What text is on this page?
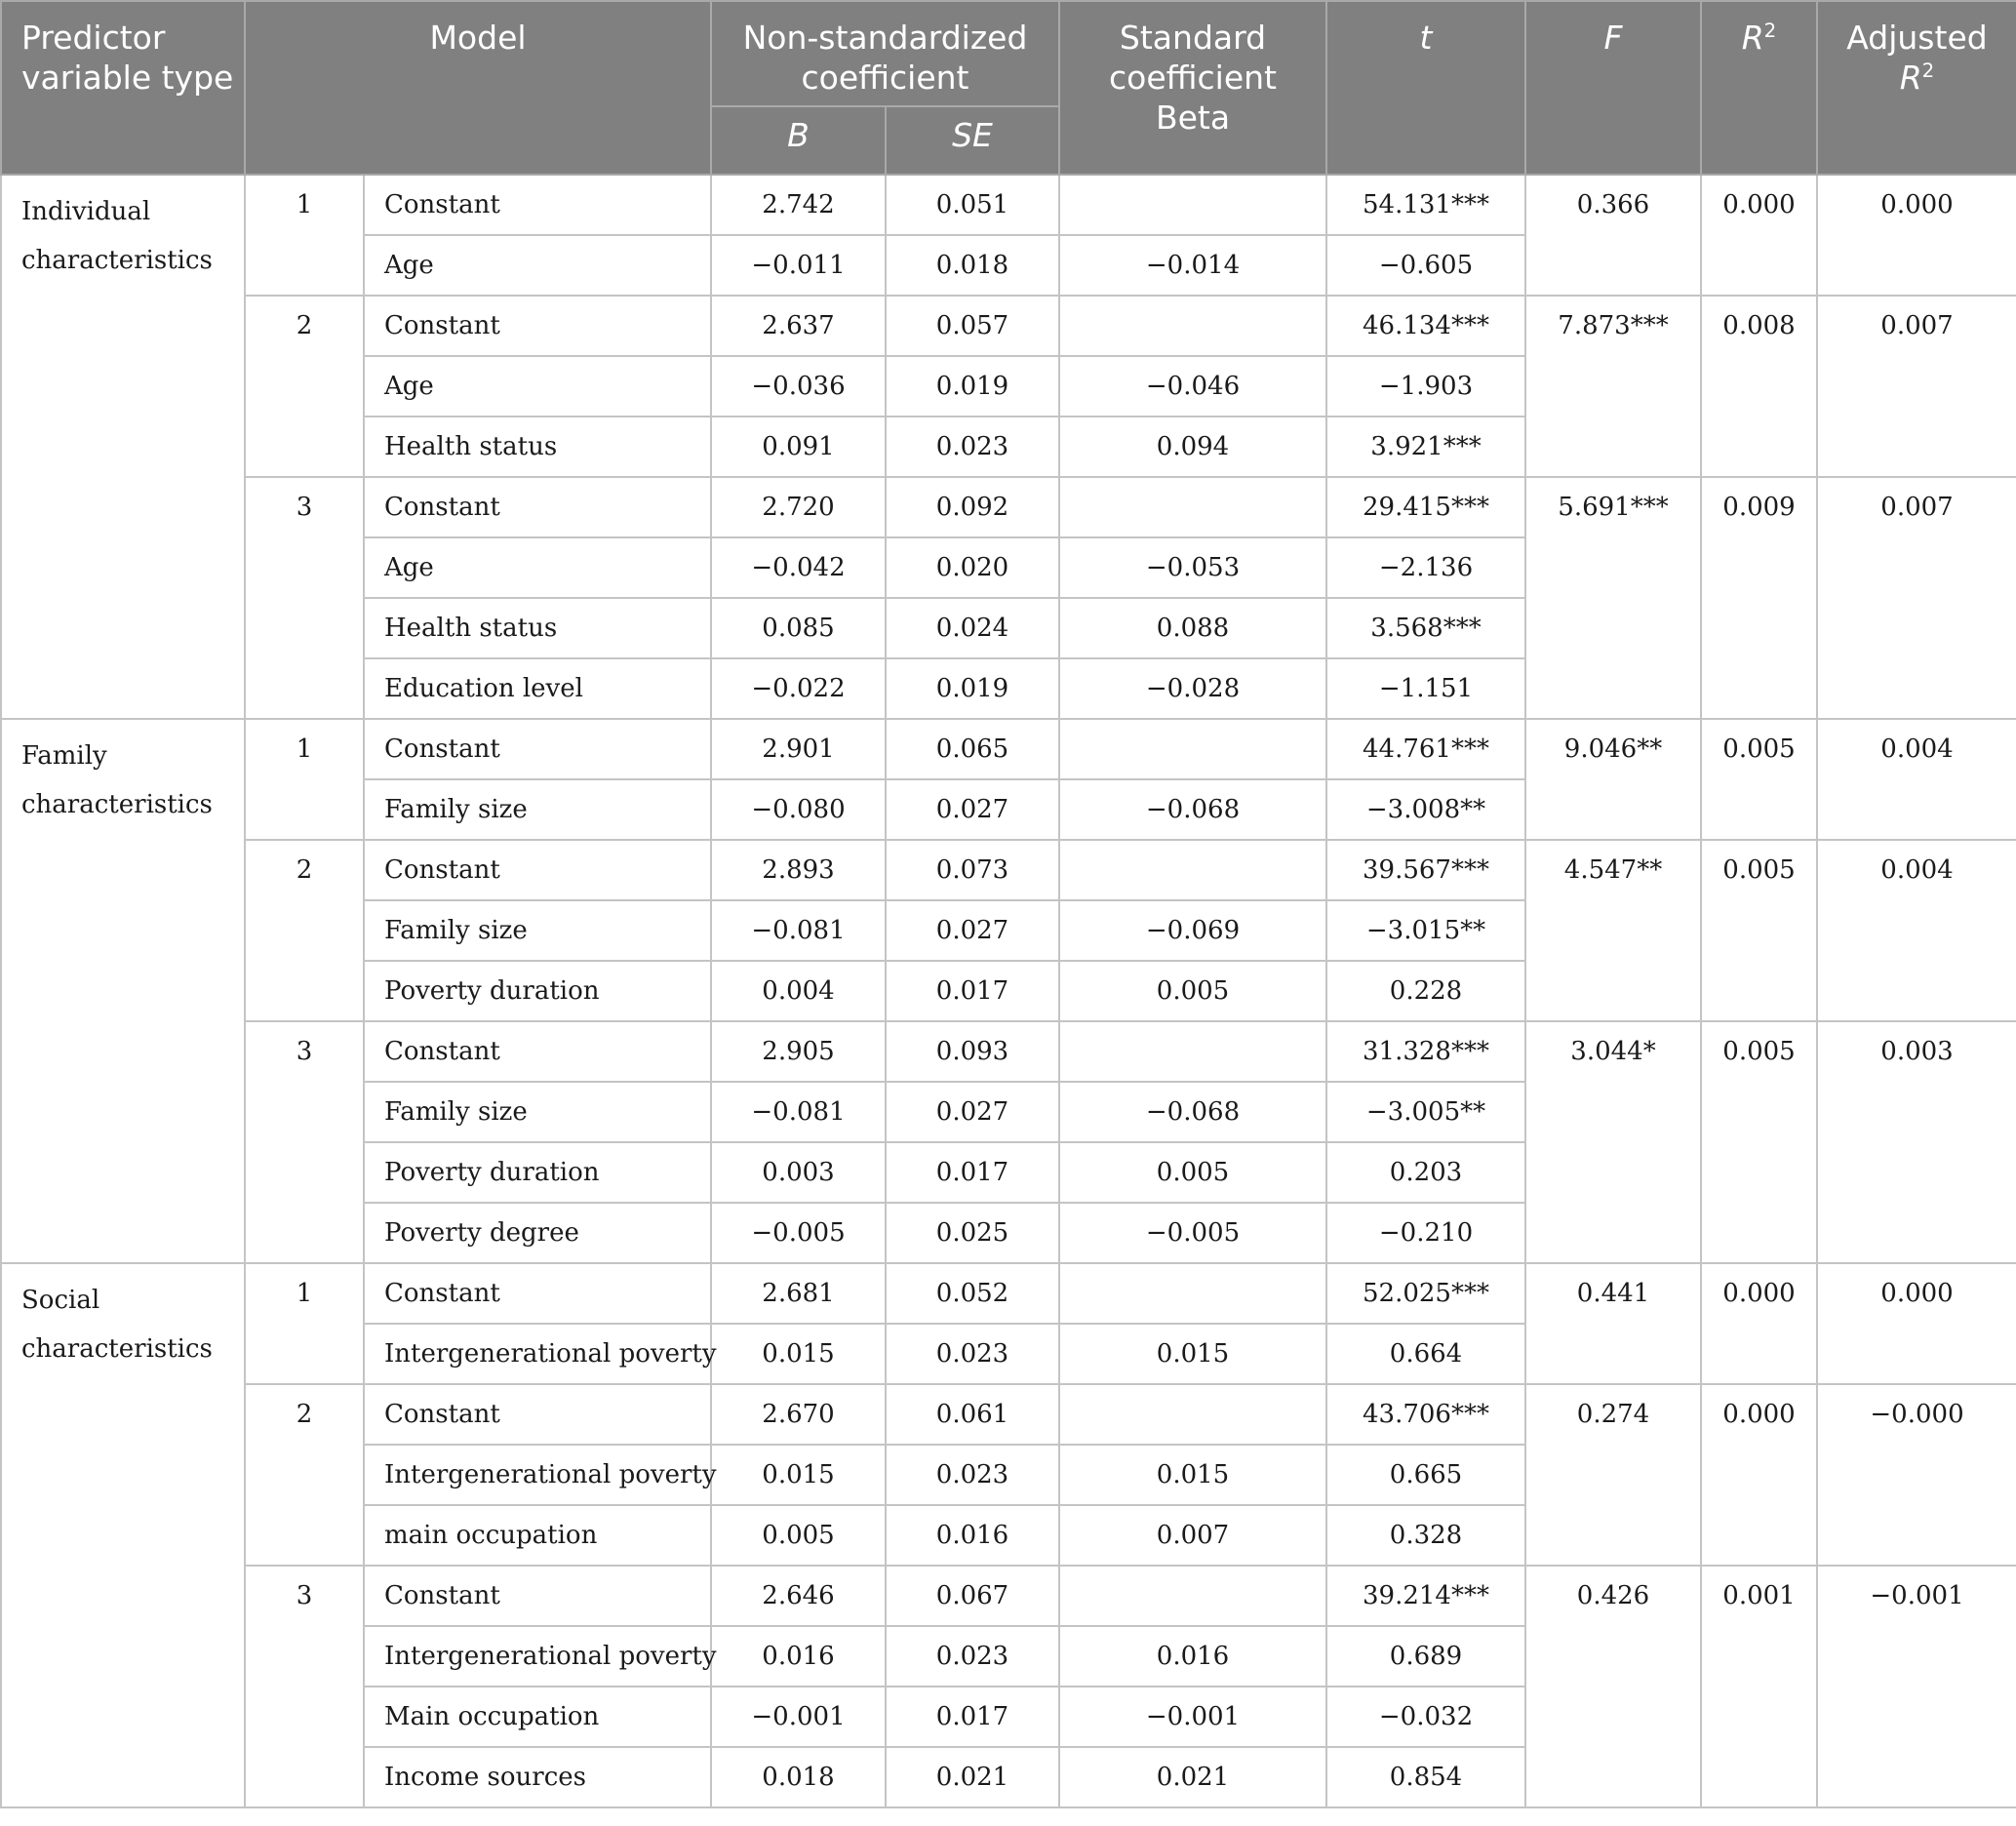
Predictor variable type	Model		Non-standardized coefficient		Standard coefficient Beta	t	F	$R^2$	Adjusted
$R^2$
			B	SE					
Individual characteristics	1	Constant	2.742	0.051		54.131***	0.366	0.000	0.000
		Age	−0.011	0.018	−0.014	−0.605			
	2	Constant	2.637	0.057		46.134***	7.873***	0.008	0.007
		Age	−0.036	0.019	−0.046	−1.903			
		Health status	0.091	0.023	0.094	3.921***			
	3	Constant	2.720	0.092		29.415***	5.691***	0.009	0.007
		Age	−0.042	0.020	−0.053	−2.136			
		Health status	0.085	0.024	0.088	3.568***			
		Education level	−0.022	0.019	−0.028	−1.151			
Family characteristics	1	Constant	2.901	0.065		44.761***	9.046**	0.005	0.004
		Family size	−0.080	0.027	−0.068	−3.008**			
	2	Constant	2.893	0.073		39.567***	4.547**	0.005	0.004
		Family size	−0.081	0.027	−0.069	−3.015**			
		Poverty duration	0.004	0.017	0.005	0.228			
	3	Constant	2.905	0.093		31.328***	3.044*	0.005	0.003
		Family size	−0.081	0.027	−0.068	−3.005**			
		Poverty duration	0.003	0.017	0.005	0.203			
		Poverty degree	−0.005	0.025	−0.005	−0.210			
Social characteristics	1	Constant	2.681	0.052		52.025***	0.441	0.000	0.000
		Intergenerational poverty	0.015	0.023	0.015	0.664			
	2	Constant	2.670	0.061		43.706***	0.274	0.000	−0.000
		Intergenerational poverty	0.015	0.023	0.015	0.665			
		main occupation	0.005	0.016	0.007	0.328			
	3	Constant	2.646	0.067		39.214***	0.426	0.001	−0.001
		Intergenerational poverty	0.016	0.023	0.016	0.689			
		Main occupation	−0.001	0.017	−0.001	−0.032			
		Income sources	0.018	0.021	0.021	0.854			
